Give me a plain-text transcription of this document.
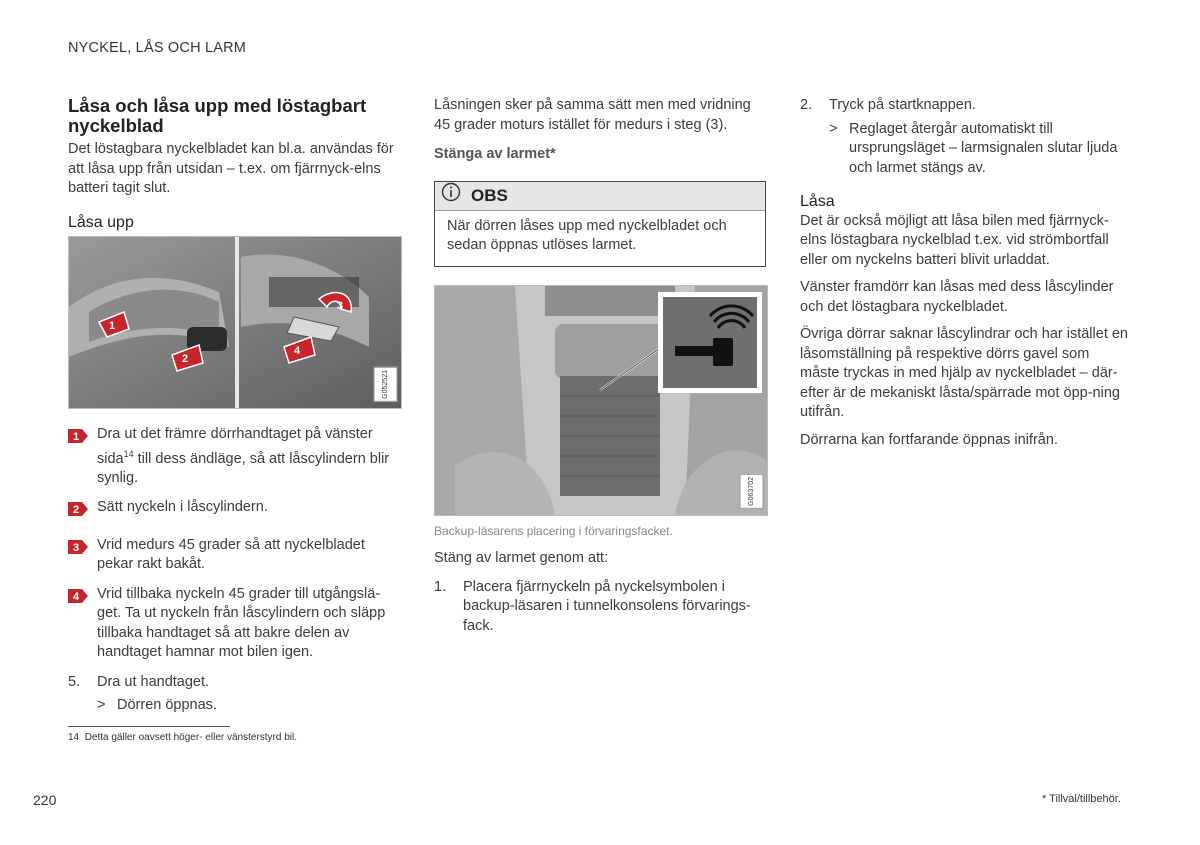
NYCKEL, LÅS OCH LARM
Låsa och låsa upp med löstagbart nyckelblad

Det löstagbara nyckelbladet kan bl.a. användas för att låsa upp från utsidan – t.ex. om fjärrnyck-elns batteri tagit slut.

Låsa upp
1
2
3
4
G052521
1 Dra ut det främre dörrhandtaget på vänster sida$^{14}$ till dess ändläge, så att låscylindern blir synlig.
2 Sätt nyckeln i låscylindern.
3 Vrid medurs 45 grader så att nyckelbladet pekar rakt bakåt.
4 Vrid tillbaka nyckeln 45 grader till utgångslä-get. Ta ut nyckeln från låscylindern och släpp tillbaka handtaget så att bakre delen av handtaget hamnar mot bilen igen.
5. Dra ut handtaget.
> Dörren öppnas.

Låsningen sker på samma sätt men med vridning 45 grader moturs istället för medurs i steg (3).

Stänga av larmet*
OBS
När dörren låses upp med nyckelbladet och sedan öppnas utlöses larmet.
G063702
Backup-läsarens placering i förvaringsfacket.

Stäng av larmet genom att:

1. Placera fjärrnyckeln på nyckelsymbolen i backup-läsaren i tunnelkonsolens förvarings-fack.
2. Tryck på startknappen.
> Reglaget återgår automatiskt till ursprungsläget – larmsignalen slutar ljuda och larmet stängs av.
Låsa

Det är också möjligt att låsa bilen med fjärrnyck-elns löstagbara nyckelblad t.ex. vid strömbortfall eller om nyckelns batteri blivit urladdat.

Vänster framdörr kan låsas med dess låscylinder och det löstagbara nyckelbladet.

Övriga dörrar saknar låscylindrar och har istället en låsomställning på respektive dörrs gavel som måste tryckas in med hjälp av nyckelbladet – där-efter är de mekaniskt låsta/spärrade mot öpp-ning utifrån.

Dörrarna kan fortfarande öppnas inifrån.

14 Detta gäller oavsett höger- eller vänsterstyrd bil.
220	* Tillval/tillbehör.
